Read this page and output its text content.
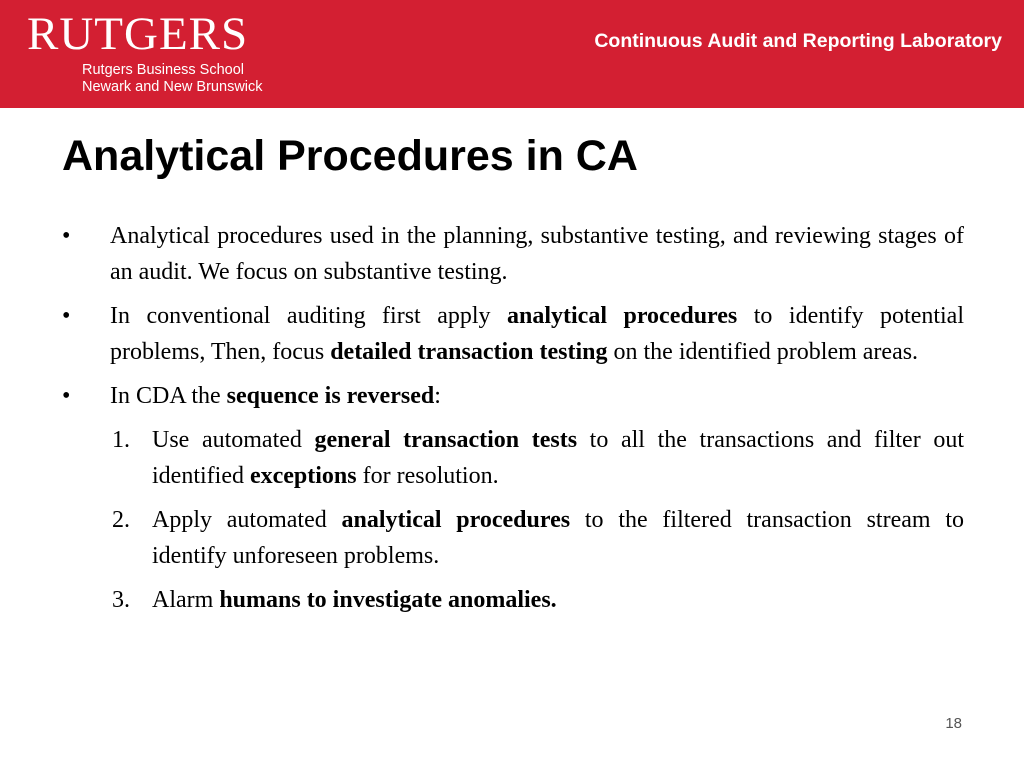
RUTGERS
Rutgers Business School
Newark and New Brunswick
Continuous Audit and Reporting Laboratory
Analytical Procedures in CA
• Analytical procedures used in the planning, substantive testing, and reviewing stages of an audit. We focus on substantive testing.
• In conventional auditing first apply analytical procedures to identify potential problems, Then, focus detailed transaction testing on the identified problem areas.
• In CDA the sequence is reversed:
1. Use automated general transaction tests to all the transactions and filter out identified exceptions for resolution.
2. Apply automated analytical procedures to the filtered transaction stream to identify unforeseen problems.
3. Alarm humans to investigate anomalies.
18
